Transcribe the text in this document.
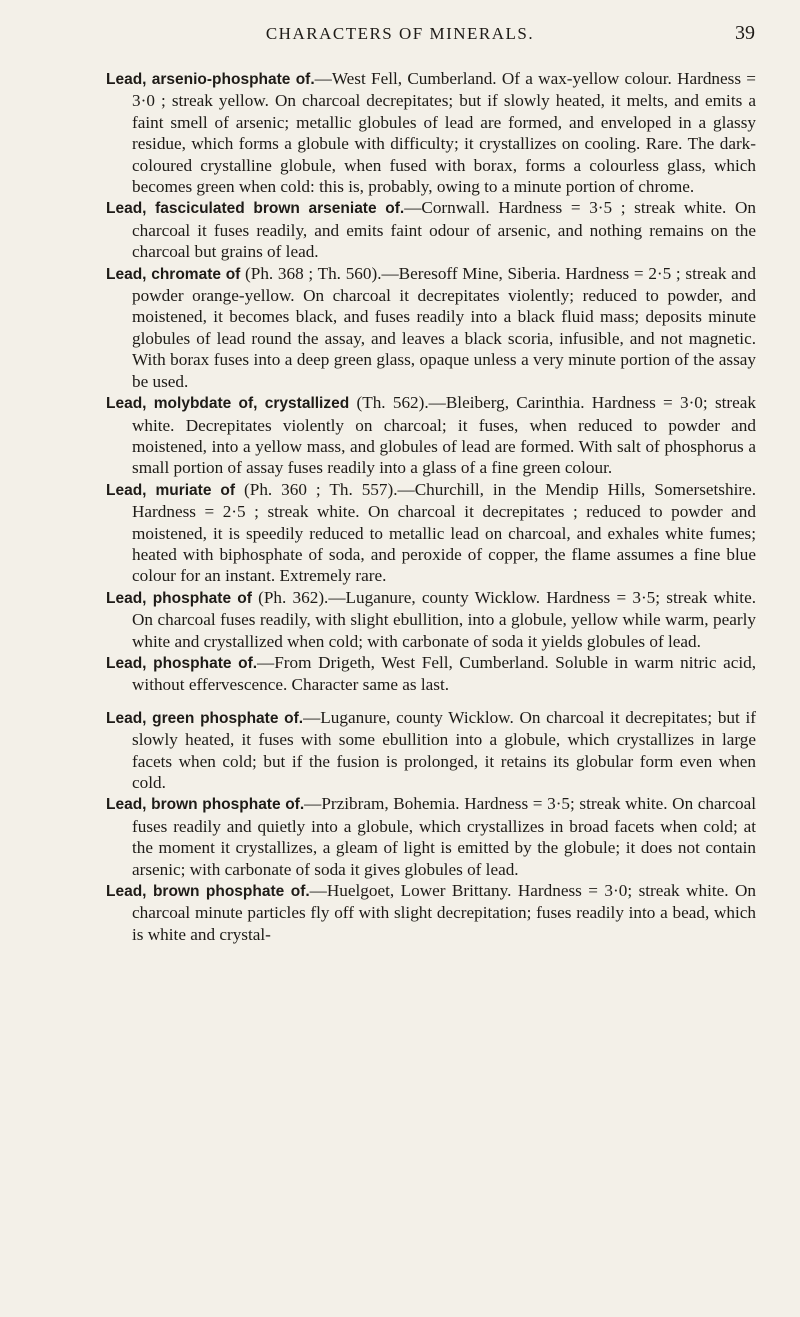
CHARACTERS OF MINERALS.	39

Lead, arsenio-phosphate of.—West Fell, Cumberland. Of a wax-yellow colour. Hardness = 3·0 ; streak yellow. On charcoal decrepitates; but if slowly heated, it melts, and emits a faint smell of arsenic; metallic globules of lead are formed, and enveloped in a glassy residue, which forms a globule with difficulty; it crystallizes on cooling. Rare. The dark-coloured crystalline globule, when fused with borax, forms a colourless glass, which becomes green when cold: this is, probably, owing to a minute portion of chrome.

Lead, fasciculated brown arseniate of.—Cornwall. Hardness = 3·5 ; streak white. On charcoal it fuses readily, and emits faint odour of arsenic, and nothing remains on the charcoal but grains of lead.

Lead, chromate of (Ph. 368 ; Th. 560).—Beresoff Mine, Siberia. Hardness = 2·5 ; streak and powder orange-yellow. On charcoal it decrepitates violently; reduced to powder, and moistened, it becomes black, and fuses readily into a black fluid mass; deposits minute globules of lead round the assay, and leaves a black scoria, infusible, and not magnetic. With borax fuses into a deep green glass, opaque unless a very minute portion of the assay be used.

Lead, molybdate of, crystallized (Th. 562).—Bleiberg, Carinthia. Hardness = 3·0; streak white. Decrepitates violently on charcoal; it fuses, when reduced to powder and moistened, into a yellow mass, and globules of lead are formed. With salt of phosphorus a small portion of assay fuses readily into a glass of a fine green colour.

Lead, muriate of (Ph. 360 ; Th. 557).—Churchill, in the Mendip Hills, Somersetshire. Hardness = 2·5 ; streak white. On charcoal it decrepitates ; reduced to powder and moistened, it is speedily reduced to metallic lead on charcoal, and exhales white fumes; heated with biphosphate of soda, and peroxide of copper, the flame assumes a fine blue colour for an instant. Extremely rare.

Lead, phosphate of (Ph. 362).—Luganure, county Wicklow. Hardness = 3·5; streak white. On charcoal fuses readily, with slight ebullition, into a globule, yellow while warm, pearly white and crystallized when cold; with carbonate of soda it yields globules of lead.

Lead, phosphate of.—From Drigeth, West Fell, Cumberland. Soluble in warm nitric acid, without effervescence. Character same as last.

Lead, green phosphate of.—Luganure, county Wicklow. On charcoal it decrepitates; but if slowly heated, it fuses with some ebullition into a globule, which crystallizes in large facets when cold; but if the fusion is prolonged, it retains its globular form even when cold.

Lead, brown phosphate of.—Przibram, Bohemia. Hardness = 3·5; streak white. On charcoal fuses readily and quietly into a globule, which crystallizes in broad facets when cold; at the moment it crystallizes, a gleam of light is emitted by the globule; it does not contain arsenic; with carbonate of soda it gives globules of lead.

Lead, brown phosphate of.—Huelgoet, Lower Brittany. Hardness = 3·0; streak white. On charcoal minute particles fly off with slight decrepitation; fuses readily into a bead, which is white and crystal-
